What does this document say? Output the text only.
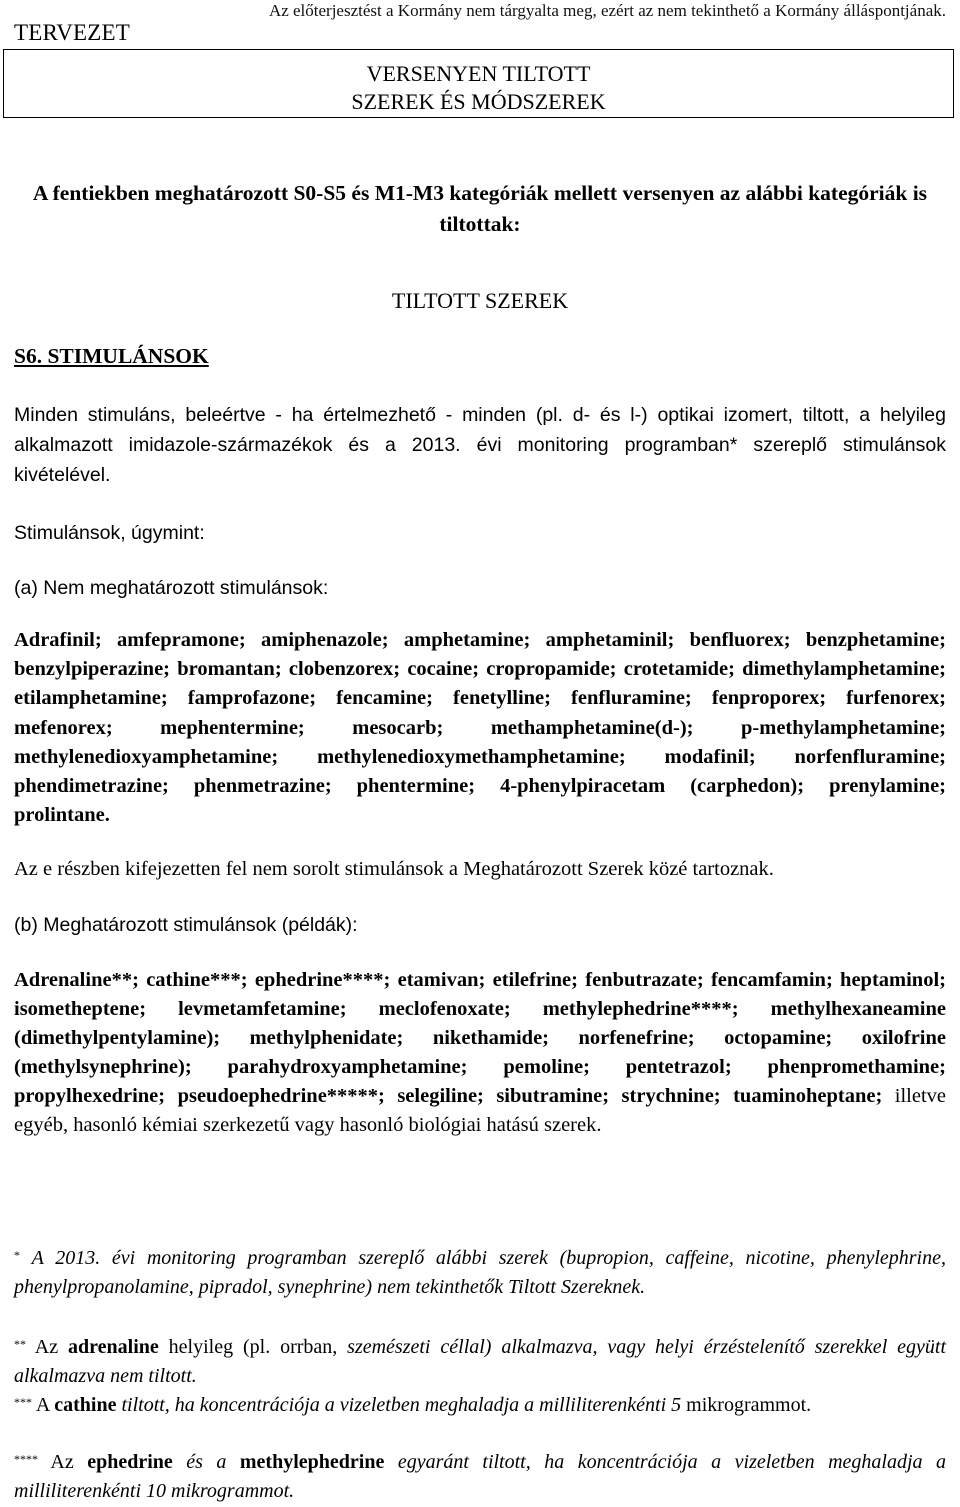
Az előterjesztést a Kormány nem tárgyalta meg, ezért az nem tekinthető a Kormány álláspontjának.
TERVEZET
VERSENYEN TILTOTT
SZEREK ÉS MÓDSZEREK
A fentiekben meghatározott S0-S5 és M1-M3 kategóriák mellett versenyen az alábbi kategóriák is tiltottak:
TILTOTT SZEREK
S6. STIMULÁNSOK
Minden stimuláns, beleértve - ha értelmezhető - minden (pl. d- és l-) optikai izomert, tiltott, a helyileg alkalmazott imidazole-származékok és a 2013. évi monitoring programban* szereplő stimulánsok kivételével.
Stimulánsok, úgymint:
(a) Nem meghatározott stimulánsok:
Adrafinil; amfepramone; amiphenazole; amphetamine; amphetaminil; benfluorex; benzphetamine; benzylpiperazine; bromantan; clobenzorex; cocaine; cropropamide; crotetamide; dimethylamphetamine; etilamphetamine; famprofazone; fencamine; fenetylline; fenfluramine; fenproporex; furfenorex; mefenorex; mephentermine; mesocarb; methamphetamine(d-); p-methylamphetamine; methylenedioxyamphetamine; methylenedioxymethamphetamine; modafinil; norfenfluramine; phendimetrazine; phenmetrazine; phentermine; 4-phenylpiracetam (carphedon); prenylamine; prolintane.
Az e részben kifejezetten fel nem sorolt stimulánsok a Meghatározott Szerek közé tartoznak.
(b) Meghatározott stimulánsok (példák):
Adrenaline**; cathine***; ephedrine****; etamivan; etilefrine; fenbutrazate; fencamfamin; heptaminol; isometheptene; levmetamfetamine; meclofenoxate; methylephedrine****; methylhexaneamine (dimethylpentylamine); methylphenidate; nikethamide; norfenefrine; octopamine; oxilofrine (methylsynephrine); parahydroxyamphetamine; pemoline; pentetrazol; phenpromethamine; propylhexedrine; pseudoephedrine*****; selegiline; sibutramine; strychnine; tuaminoheptane; illetve egyéb, hasonló kémiai szerkezetű vagy hasonló biológiai hatású szerek.
* A 2013. évi monitoring programban szereplő alábbi szerek (bupropion, caffeine, nicotine, phenylephrine, phenylpropanolamine, pipradol, synephrine) nem tekinthetők Tiltott Szereknek.
** Az adrenaline helyileg (pl. orrban, szemészeti céllal) alkalmazva, vagy helyi érzéstelenítő szerekkel együtt alkalmazva nem tiltott.
*** A cathine tiltott, ha koncentrációja a vizeletben meghaladja a milliliterenkénti 5 mikrogrammot.
**** Az ephedrine és a methylephedrine egyaránt tiltott, ha koncentrációja a vizeletben meghaladja a milliliterenkénti 10 mikrogrammot.
